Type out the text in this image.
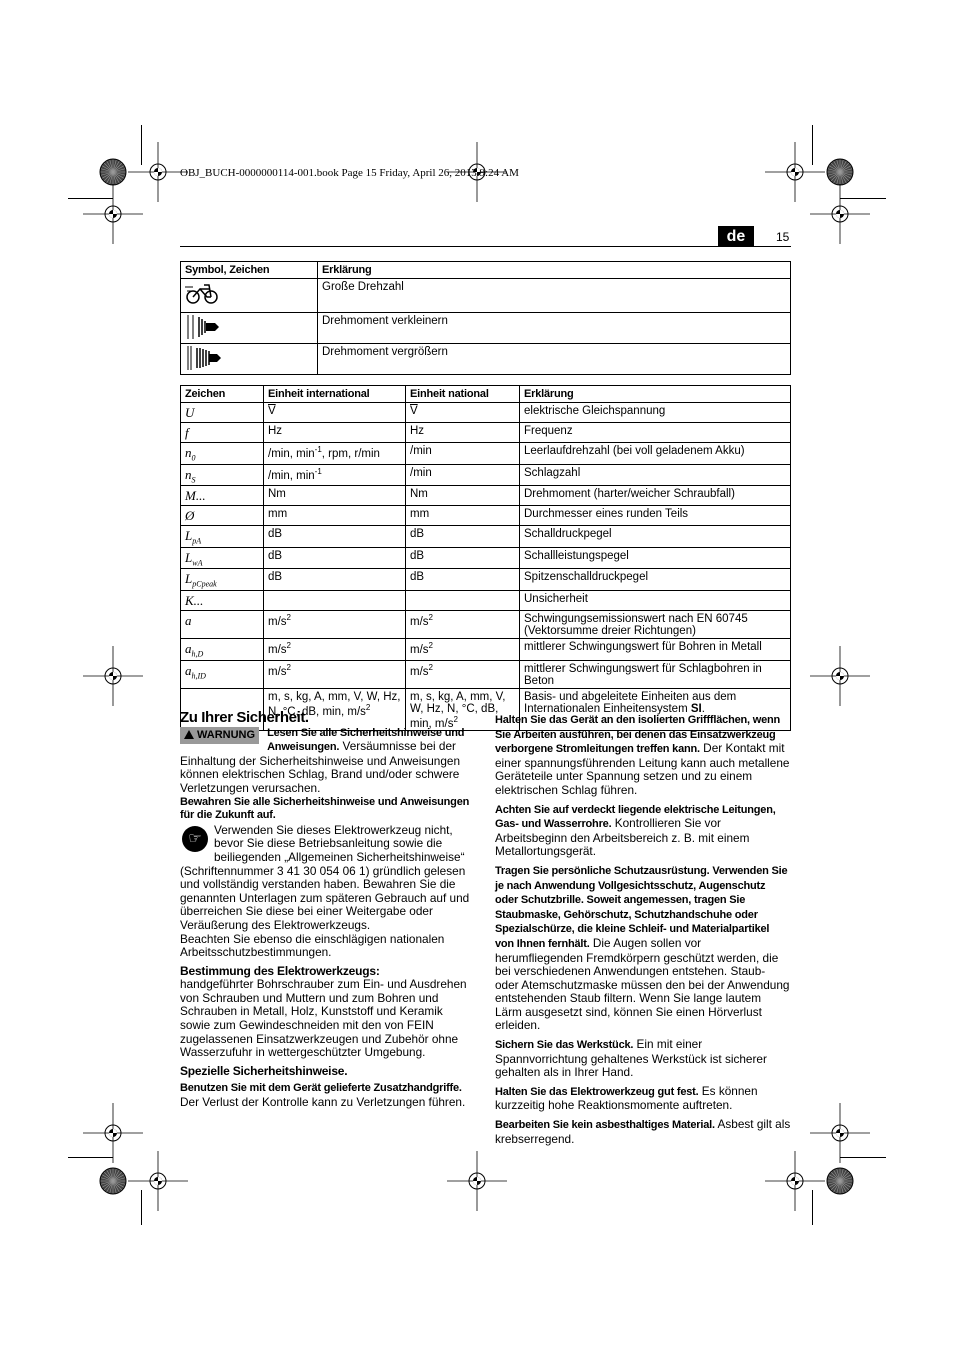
OBJ_BUCH-0000000114-001.book Page 15 Friday, April 26, 2013 9:24 AM
de	15
Symbol, Zeichen	Erklärung
	Große Drehzahl
	Drehmoment verkleinern
	Drehmoment vergrößern
Zeichen	Einheit international	Einheit national	Erklärung
U	$\overline{V}$	$\overline{V}$	elektrische Gleichspannung
f	Hz	Hz	Frequenz
$n_0$	/min, $\min^{-1}$, rpm, r/min	/min	Leerlaufdrehzahl (bei voll geladenem Akku)
$n_S$	/min, $\min^{-1}$	/min	Schlagzahl
M...	Nm	Nm	Drehmoment (harter/weicher Schraubfall)
Ø	mm	mm	Durchmesser eines runden Teils
$L_{pA}$	dB	dB	Schalldruckpegel
$L_{wA}$	dB	dB	Schallleistungspegel
$L_{pCpeak}$	dB	dB	Spitzenschalldruckpegel
K...			Unsicherheit
a	$m/s^2$	$m/s^2$	Schwingungsemissionswert nach EN 60745 (Vektorsumme dreier Richtungen)
$a_{h,D}$	$m/s^2$	$m/s^2$	mittlerer Schwingungswert für Bohren in Metall
$a_{h,ID}$	$m/s^2$	$m/s^2$	mittlerer Schwingungswert für Schlagbohren in Beton
	m, s, kg, A, mm, V, W, Hz, N, °C, dB, min, $m/s^2$	m, s, kg, A, mm, V, W, Hz, N, °C, dB, min, $m/s^2$	Basis- und abgeleitete Einheiten aus dem Internationalen Einheitensystem SI.

Zu Ihrer Sicherheit.

WARNUNG	Lesen Sie alle Sicherheitshinweise und Anweisungen. Versäumnisse bei der Einhaltung der Sicherheitshinweise und Anweisungen können elektrischen Schlag, Brand und/oder schwere Verletzungen verursachen.

Bewahren Sie alle Sicherheitshinweise und Anweisungen für die Zukunft auf.

☞	Verwenden Sie dieses Elektrowerkzeug nicht, bevor Sie diese Betriebsanleitung sowie die beiliegenden „Allgemeinen Sicherheitshinweise“ (Schriftennummer 3 41 30 054 06 1) gründlich gelesen und vollständig verstanden haben. Bewahren Sie die genannten Unterlagen zum späteren Gebrauch auf und überreichen Sie diese bei einer Weitergabe oder Veräußerung des Elektrowerkzeugs.

Beachten Sie ebenso die einschlägigen nationalen Arbeitsschutzbestimmungen.

Bestimmung des Elektrowerkzeugs:

handgeführter Bohrschrauber zum Ein- und Ausdrehen von Schrauben und Muttern und zum Bohren und Schrauben in Metall, Holz, Kunststoff und Keramik sowie zum Gewindeschneiden mit den von FEIN zugelassenen Einsatzwerkzeugen und Zubehör ohne Wasserzufuhr in wettergeschützter Umgebung.

Spezielle Sicherheitshinweise.

Benutzen Sie mit dem Gerät gelieferte Zusatzhandgriffe.

Der Verlust der Kontrolle kann zu Verletzungen führen.

Halten Sie das Gerät an den isolierten Griffflächen, wenn Sie Arbeiten ausführen, bei denen das Einsatzwerkzeug verborgene Stromleitungen treffen kann. Der Kontakt mit einer spannungsführenden Leitung kann auch metallene Geräteteile unter Spannung setzen und zu einem elektrischen Schlag führen.

Achten Sie auf verdeckt liegende elektrische Leitungen, Gas- und Wasserrohre. Kontrollieren Sie vor Arbeitsbeginn den Arbeitsbereich z. B. mit einem Metallortungsgerät.

Tragen Sie persönliche Schutzausrüstung. Verwenden Sie je nach Anwendung Vollgesichtsschutz, Augenschutz oder Schutzbrille. Soweit angemessen, tragen Sie Staubmaske, Gehörschutz, Schutzhandschuhe oder Spezialschürze, die kleine Schleif- und Materialpartikel von Ihnen fernhält. Die Augen sollen vor herumfliegenden Fremdkörpern geschützt werden, die bei verschiedenen Anwendungen entstehen. Staub- oder Atemschutzmaske müssen den bei der Anwendung entstehenden Staub filtern. Wenn Sie lange lautem Lärm ausgesetzt sind, können Sie einen Hörverlust erleiden.

Sichern Sie das Werkstück. Ein mit einer Spannvorrichtung gehaltenes Werkstück ist sicherer gehalten als in Ihrer Hand.

Halten Sie das Elektrowerkzeug gut fest. Es können kurzzeitig hohe Reaktionsmomente auftreten.

Bearbeiten Sie kein asbesthaltiges Material. Asbest gilt als krebserregend.
